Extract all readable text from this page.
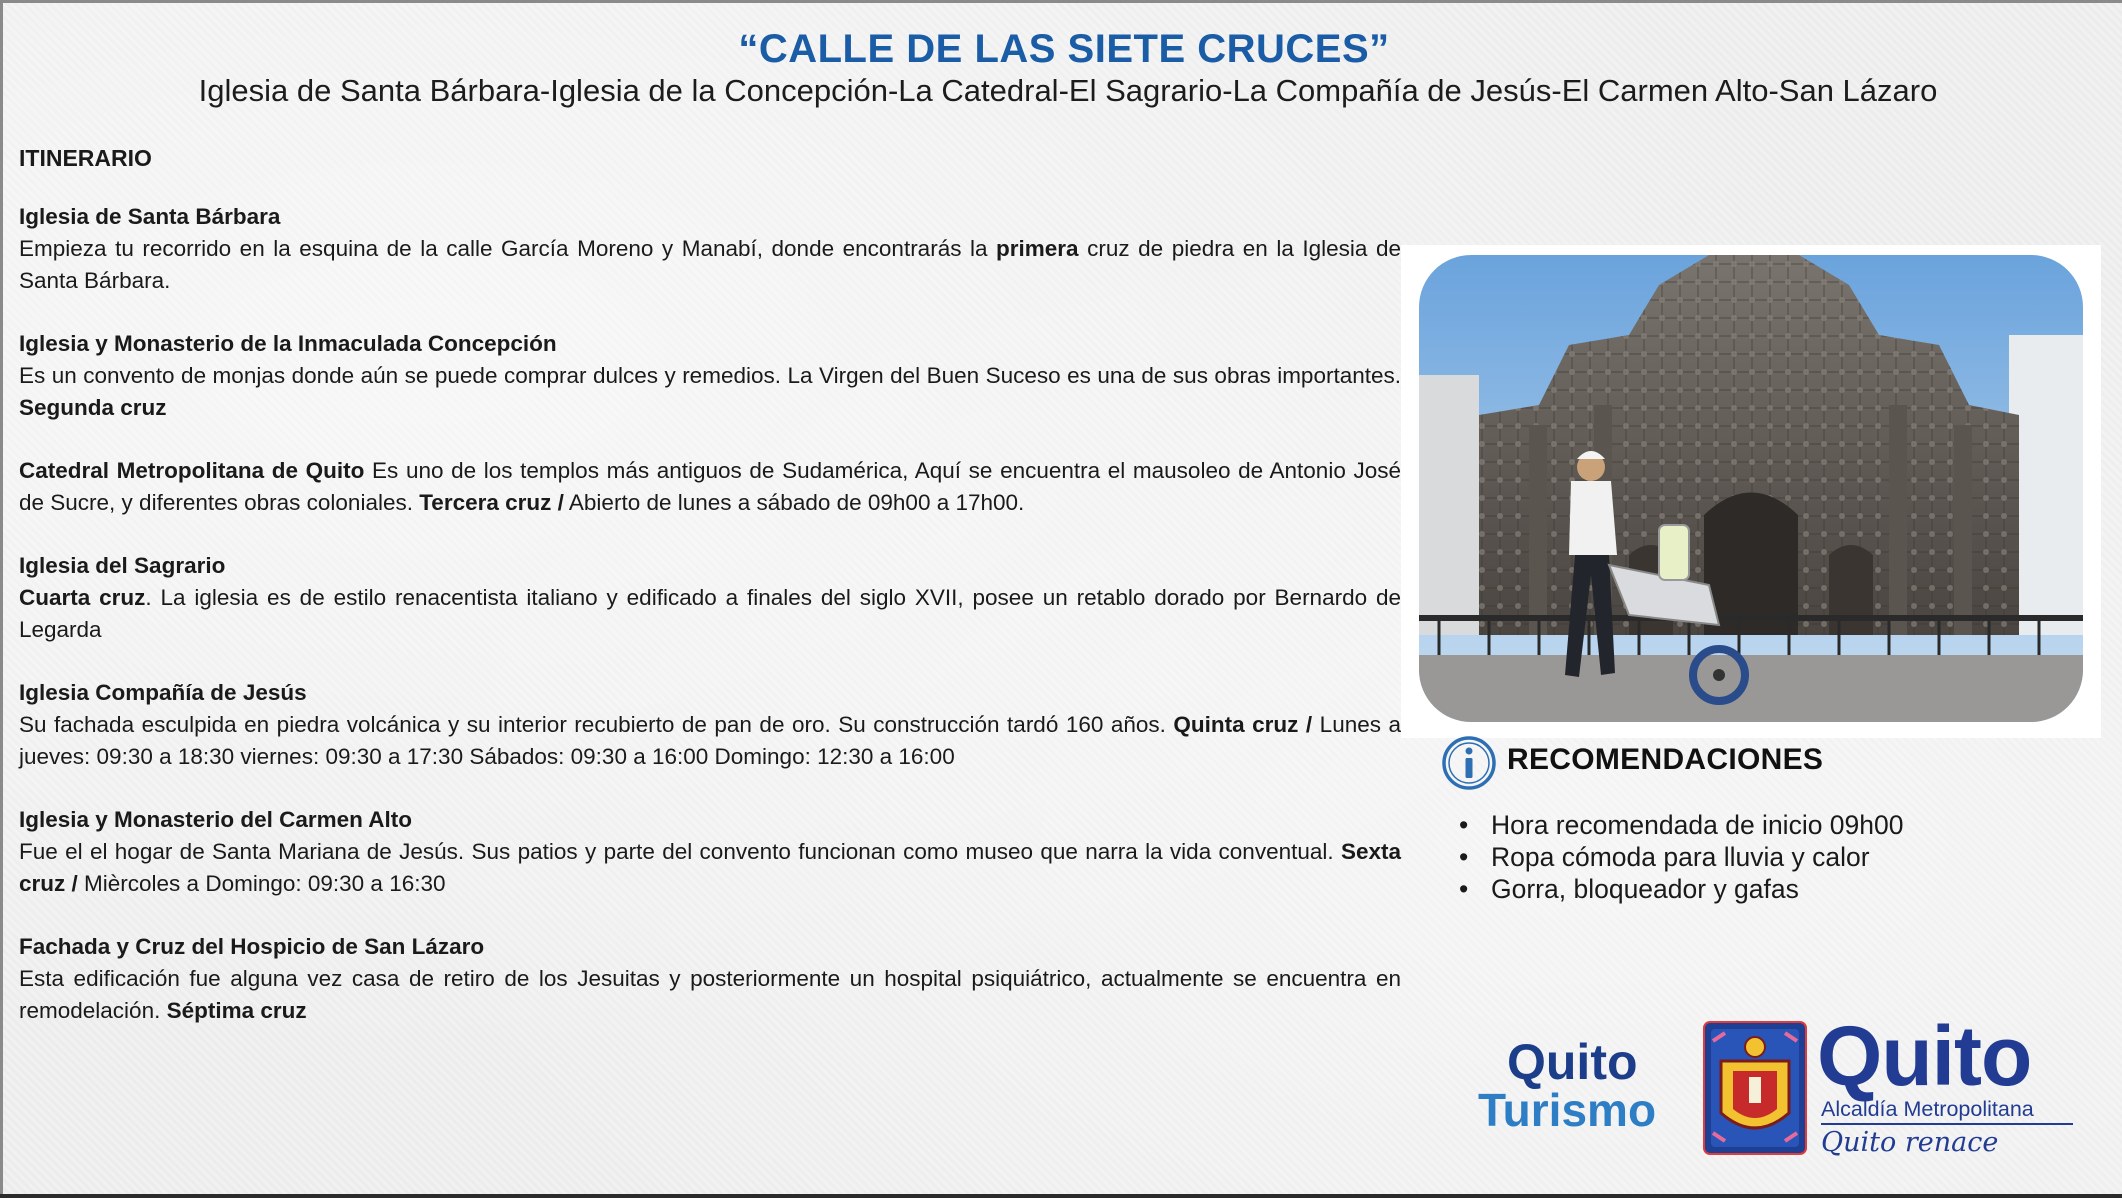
“CALLE DE LAS SIETE CRUCES”
Iglesia de Santa Bárbara-Iglesia de la Concepción-La Catedral-El Sagrario-La Compañía de Jesús-El Carmen Alto-San Lázaro
ITINERARIO
Iglesia de Santa Bárbara
Empieza tu recorrido en la esquina de la calle García Moreno y Manabí, donde encontrarás la primera cruz de piedra en la Iglesia de Santa Bárbara.
Iglesia y Monasterio de la Inmaculada Concepción
Es un convento de monjas donde aún se puede comprar dulces y remedios. La Virgen del Buen Suceso es una de sus obras importantes. Segunda cruz
Catedral Metropolitana de Quito Es uno de los templos más antiguos de Sudamérica, Aquí se encuentra el mausoleo de Antonio José de Sucre, y diferentes obras coloniales. Tercera cruz / Abierto de lunes a sábado de 09h00 a 17h00.
Iglesia del Sagrario
Cuarta cruz. La iglesia es de estilo renacentista italiano y edificado a finales del siglo XVII, posee un retablo dorado por Bernardo de Legarda
Iglesia Compañía de Jesús
Su fachada esculpida en piedra volcánica y su interior recubierto de pan de oro. Su construcción tardó 160 años. Quinta cruz / Lunes a jueves: 09:30 a 18:30 viernes: 09:30 a 17:30 Sábados: 09:30 a 16:00 Domingo: 12:30 a 16:00
Iglesia y Monasterio del Carmen Alto
Fue el el hogar de Santa Mariana de Jesús. Sus patios y parte del convento funcionan como museo que narra la vida conventual. Sexta cruz / Mièrcoles a Domingo: 09:30 a 16:30
Fachada y Cruz del Hospicio de San Lázaro
Esta edificación fue alguna vez casa de retiro de los Jesuitas y posteriormente un hospital psiquiátrico, actualmente se encuentra en remodelación. Séptima cruz
RECOMENDACIONES
• Hora recomendada de inicio 09h00
• Ropa cómoda para lluvia y calor
• Gorra, bloqueador y gafas
Quito
Turismo
Quito
Alcaldía Metropolitana
Quito renace
